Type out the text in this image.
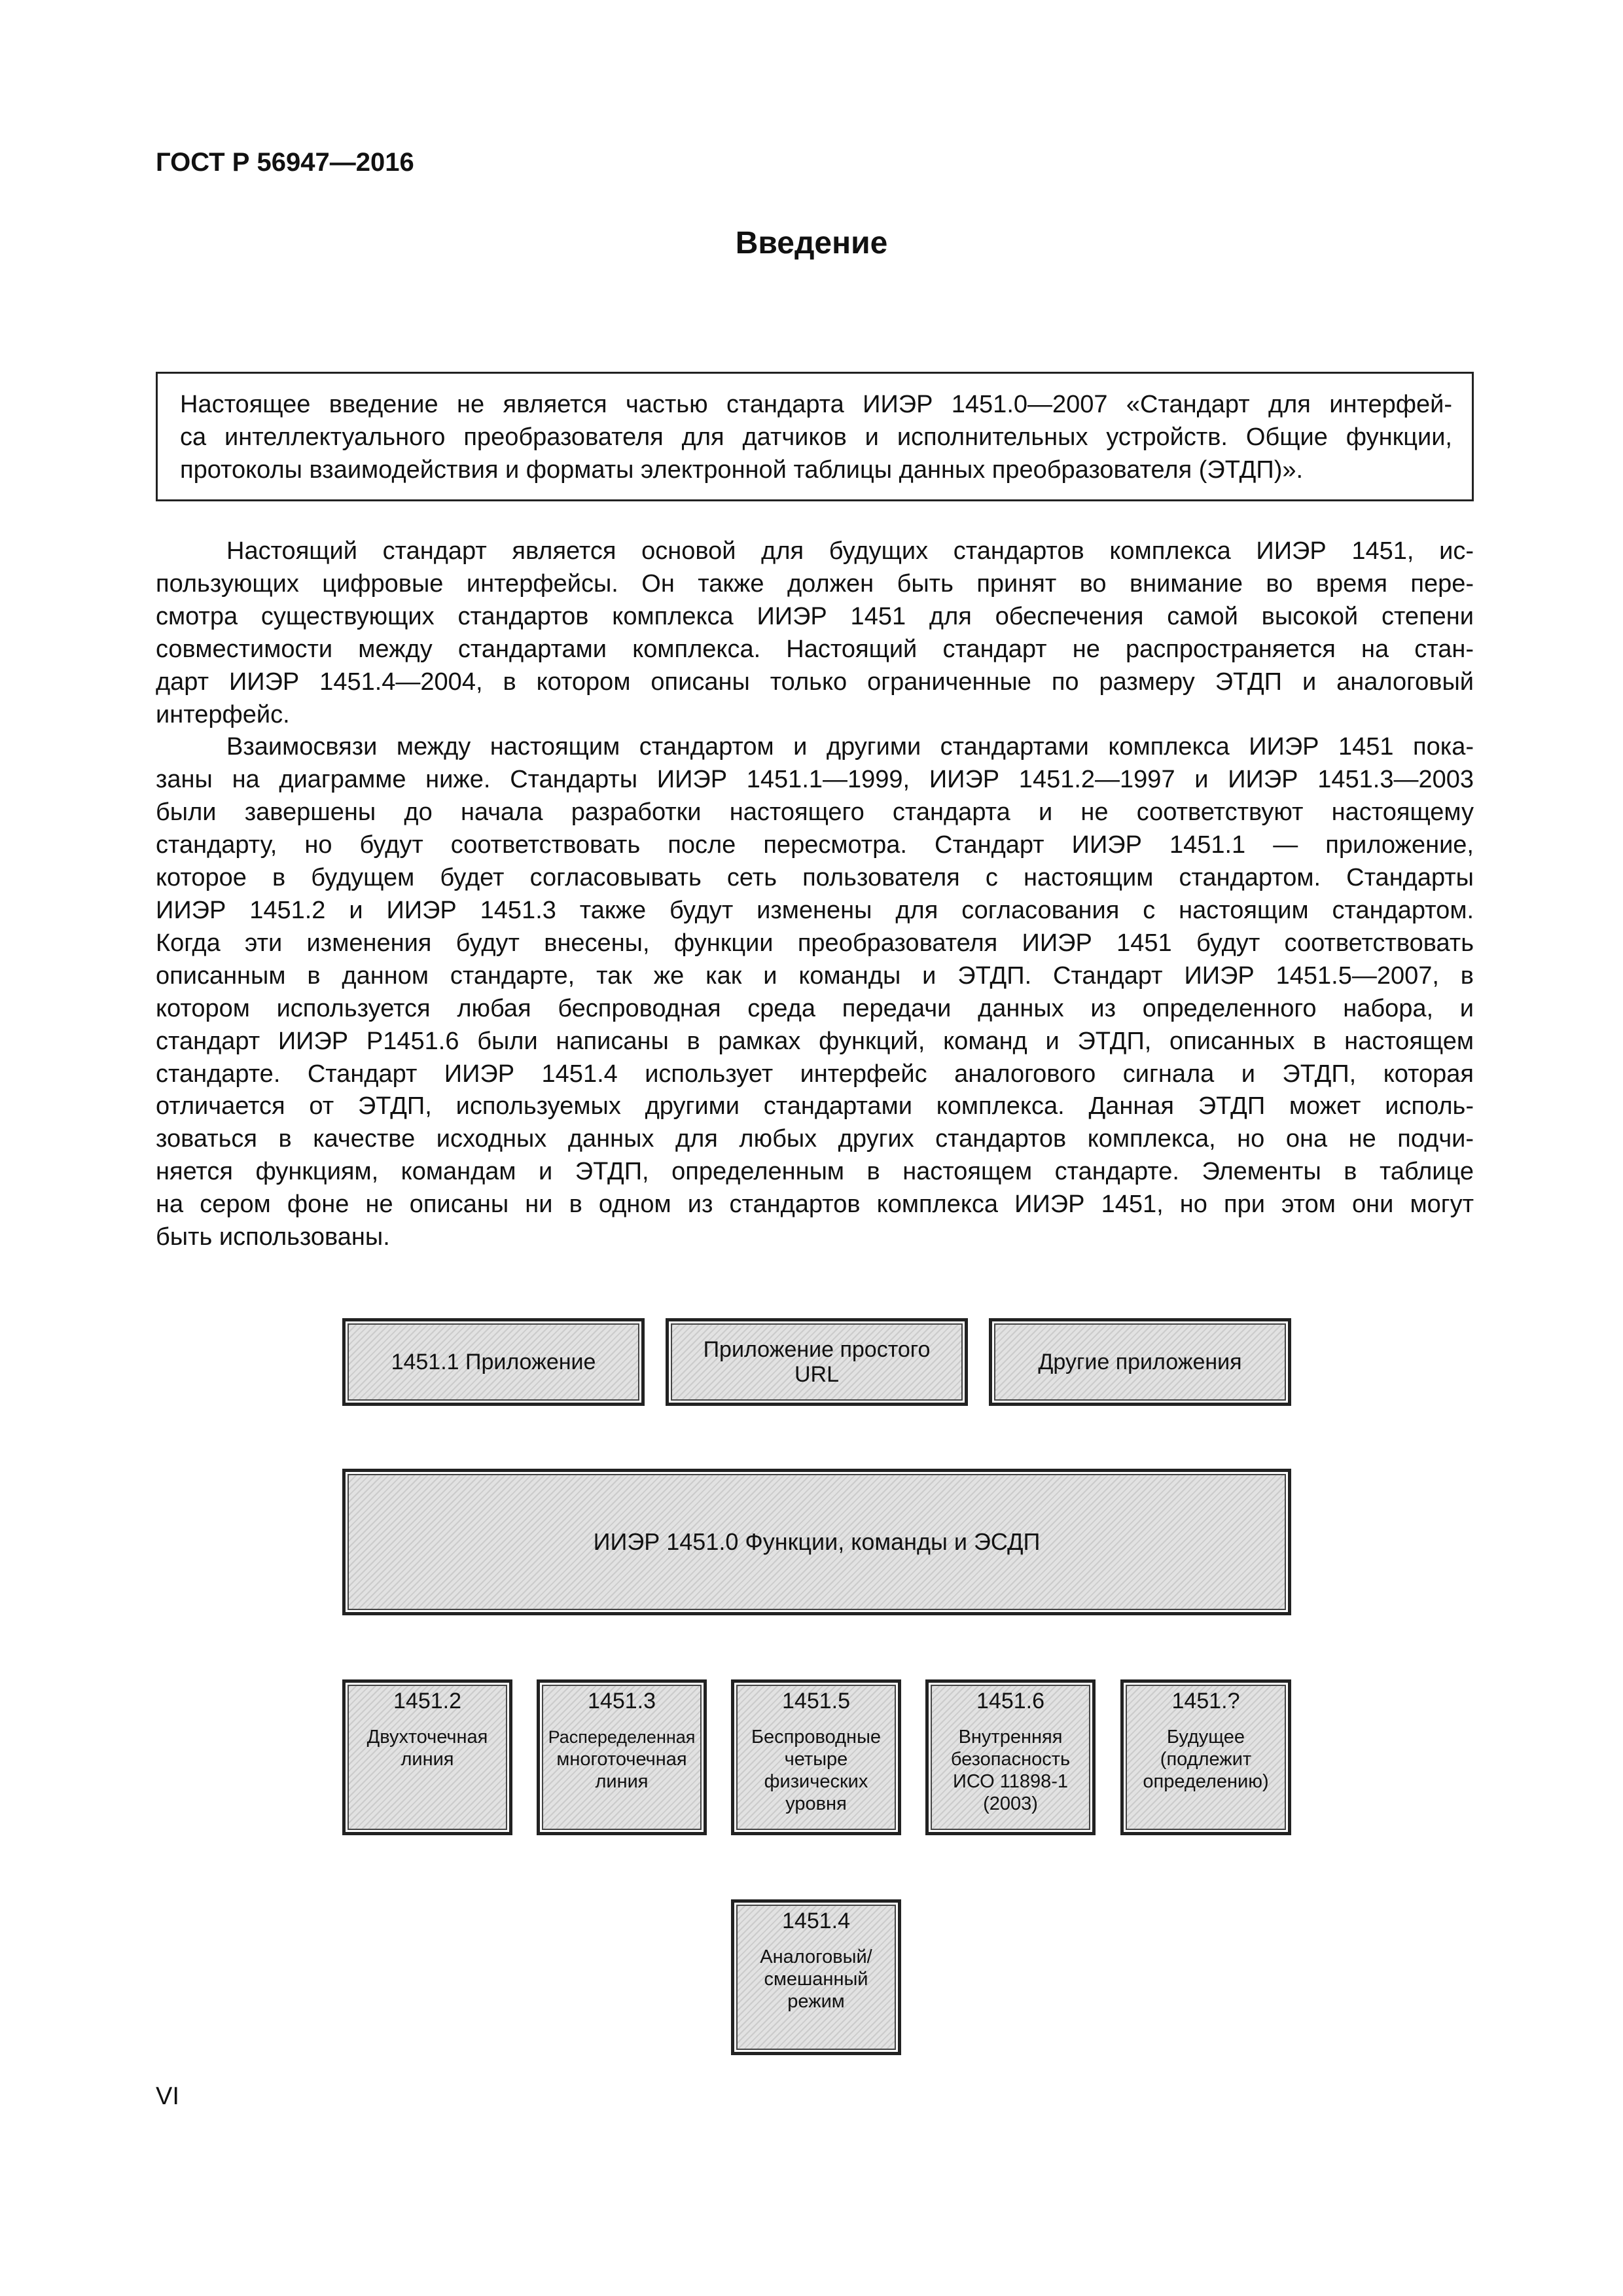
ГОСТ Р 56947—2016
Введение
Настоящее введение не является частью стандарта ИИЭР 1451.0—2007 «Стандарт для интерфей-
са интеллектуального преобразователя для датчиков и исполнительных устройств. Общие функции,
протоколы взаимодействия и форматы электронной таблицы данных преобразователя (ЭТДП)».
Настоящий стандарт является основой для будущих стандартов комплекса ИИЭР 1451, ис-
пользующих цифровые интерфейсы. Он также должен быть принят во внимание во время пере-
смотра существующих стандартов комплекса ИИЭР 1451 для обеспечения самой высокой степени
совместимости между стандартами комплекса. Настоящий стандарт не распространяется на стан-
дарт ИИЭР 1451.4—2004, в котором описаны только ограниченные по размеру ЭТДП и аналоговый
интерфейс.
Взаимосвязи между настоящим стандартом и другими стандартами комплекса ИИЭР 1451 пока-
заны на диаграмме ниже. Стандарты ИИЭР 1451.1—1999, ИИЭР 1451.2—1997 и ИИЭР 1451.3—2003
были завершены до начала разработки настоящего стандарта и не соответствуют настоящему
стандарту, но будут соответствовать после пересмотра. Стандарт ИИЭР 1451.1 — приложение,
которое в будущем будет согласовывать сеть пользователя с настоящим стандартом. Стандарты
ИИЭР 1451.2 и ИИЭР 1451.3 также будут изменены для согласования с настоящим стандартом.
Когда эти изменения будут внесены, функции преобразователя ИИЭР 1451 будут соответствовать
описанным в данном стандарте, так же как и команды и ЭТДП. Стандарт ИИЭР 1451.5—2007, в
котором используется любая беспроводная среда передачи данных из определенного набора, и
стандарт ИИЭР Р1451.6 были написаны в рамках функций, команд и ЭТДП, описанных в настоящем
стандарте. Стандарт ИИЭР 1451.4 использует интерфейс аналогового сигнала и ЭТДП, которая
отличается от ЭТДП, используемых другими стандартами комплекса. Данная ЭТДП может исполь-
зоваться в качестве исходных данных для любых других стандартов комплекса, но она не подчи-
няется функциям, командам и ЭТДП, определенным в настоящем стандарте. Элементы в таблице
на сером фоне не описаны ни в одном из стандартов комплекса ИИЭР 1451, но при этом они могут
быть использованы.
1451.1 Приложение	Приложение простого
URL	Другие приложения
ИИЭР 1451.0 Функции, команды и ЭСДП
1451.2
Двухточечная
линия
1451.3
Распеределенная
многоточечная
линия
1451.5
Беспроводные
четыре
физических
уровня
1451.6
Внутренняя
безопасность
ИСО 11898-1
(2003)
1451.?
Будущее
(подлежит
определению)
1451.4
Аналоговый/
смешанный
режим
VI
